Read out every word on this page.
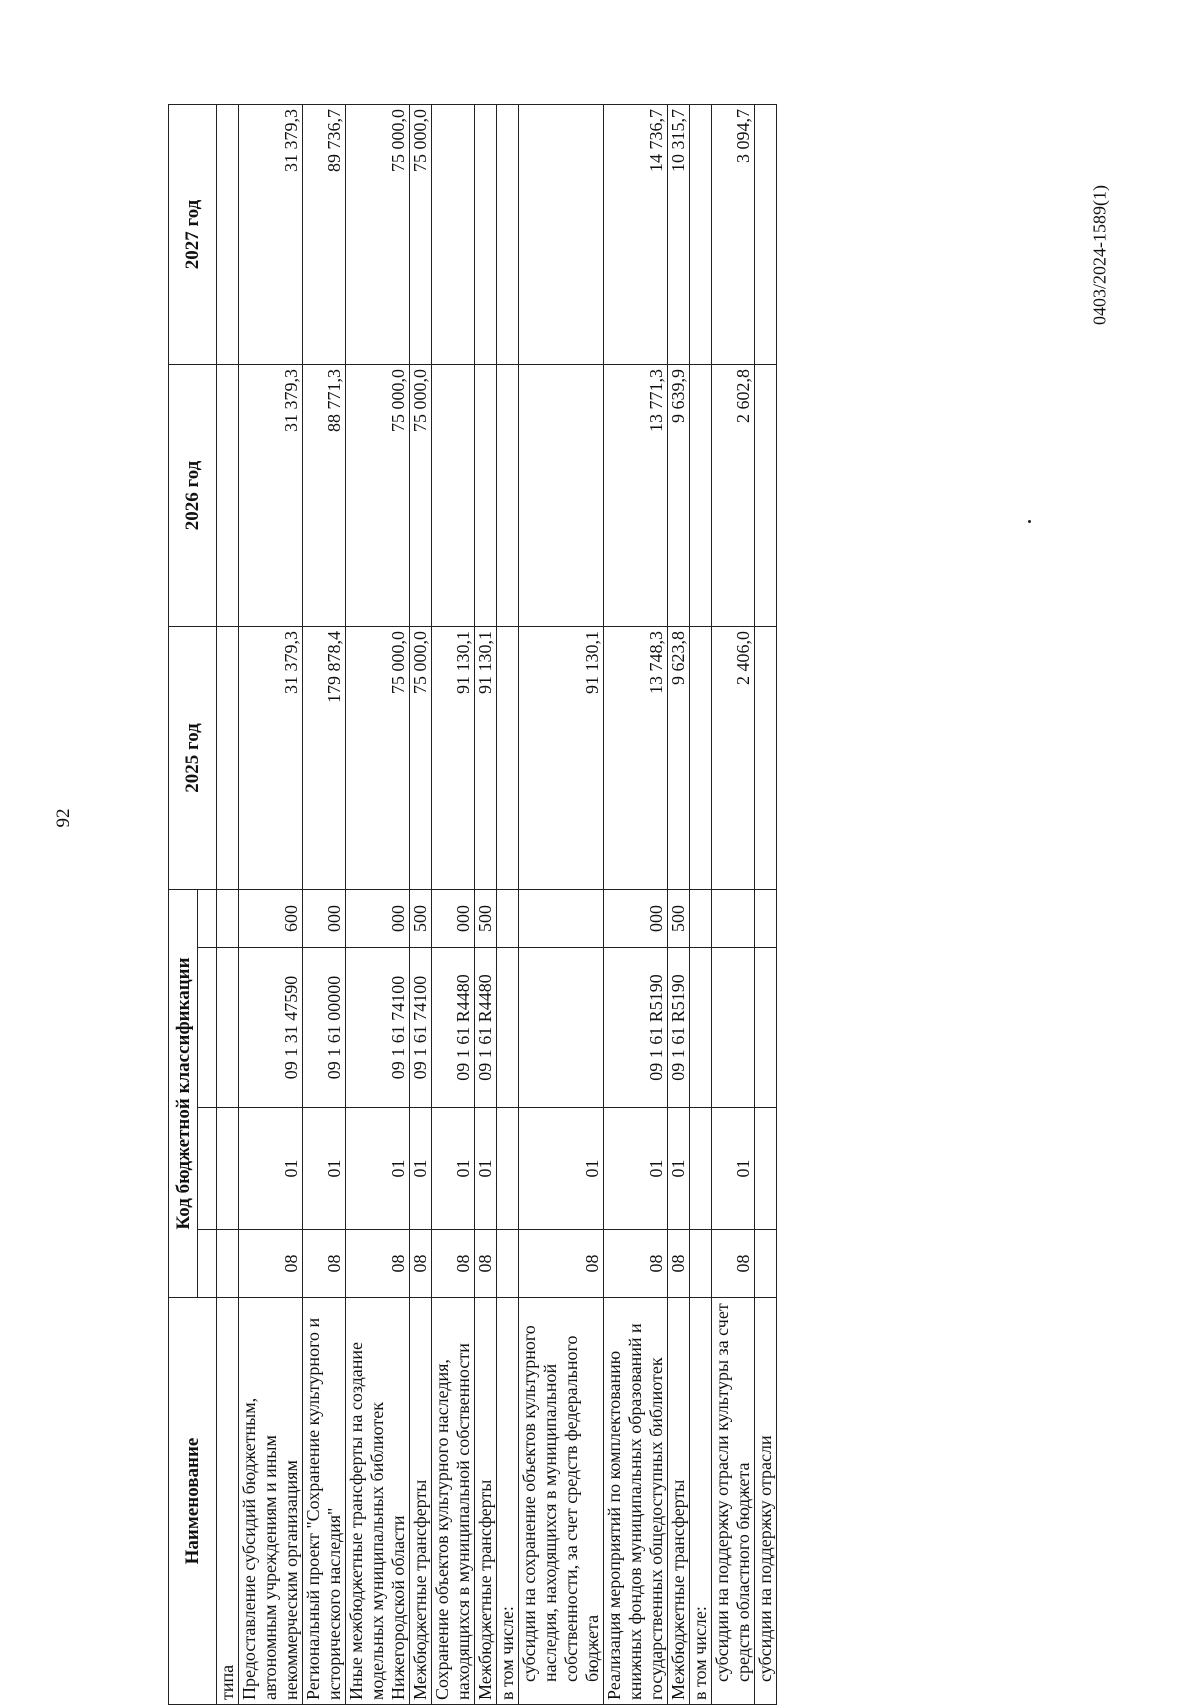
92
0403/2024-1589(1)
Наименование	Код бюджетной классификации				2025 год	2026 год	2027 год

типа							
Предоставление субсидий бюджетным, автономным учреждениям и иным некоммерческим организациям	08	01	09 1 31 47590	600	31 379,3	31 379,3	31 379,3
Региональный проект "Сохранение культурного и исторического наследия"	08	01	09 1 61 00000	000	179 878,4	88 771,3	89 736,7
Иные межбюджетные трансферты на создание модельных муниципальных библиотек Нижегородской области	08	01	09 1 61 74100	000	75 000,0	75 000,0	75 000,0
Межбюджетные трансферты	08	01	09 1 61 74100	500	75 000,0	75 000,0	75 000,0
Сохранение объектов культурного наследия, находящихся в муниципальной собственности	08	01	09 1 61 R4480	000	91 130,1		
Межбюджетные трансферты	08	01	09 1 61 R4480	500	91 130,1		
в том числе:							
субсидии на сохранение объектов культурного наследия, находящихся в муниципальной собственности, за счет средств федерального бюджета	08	01			91 130,1		
Реализация мероприятий по комплектованию книжных фондов муниципальных образований и государственных общедоступных библиотек	08	01	09 1 61 R5190	000	13 748,3	13 771,3	14 736,7
Межбюджетные трансферты	08	01	09 1 61 R5190	500	9 623,8	9 639,9	10 315,7
в том числе:							
субсидии на поддержку отрасли культуры за счет средств областного бюджета	08	01			2 406,0	2 602,8	3 094,7
субсидии на поддержку отрасли							
